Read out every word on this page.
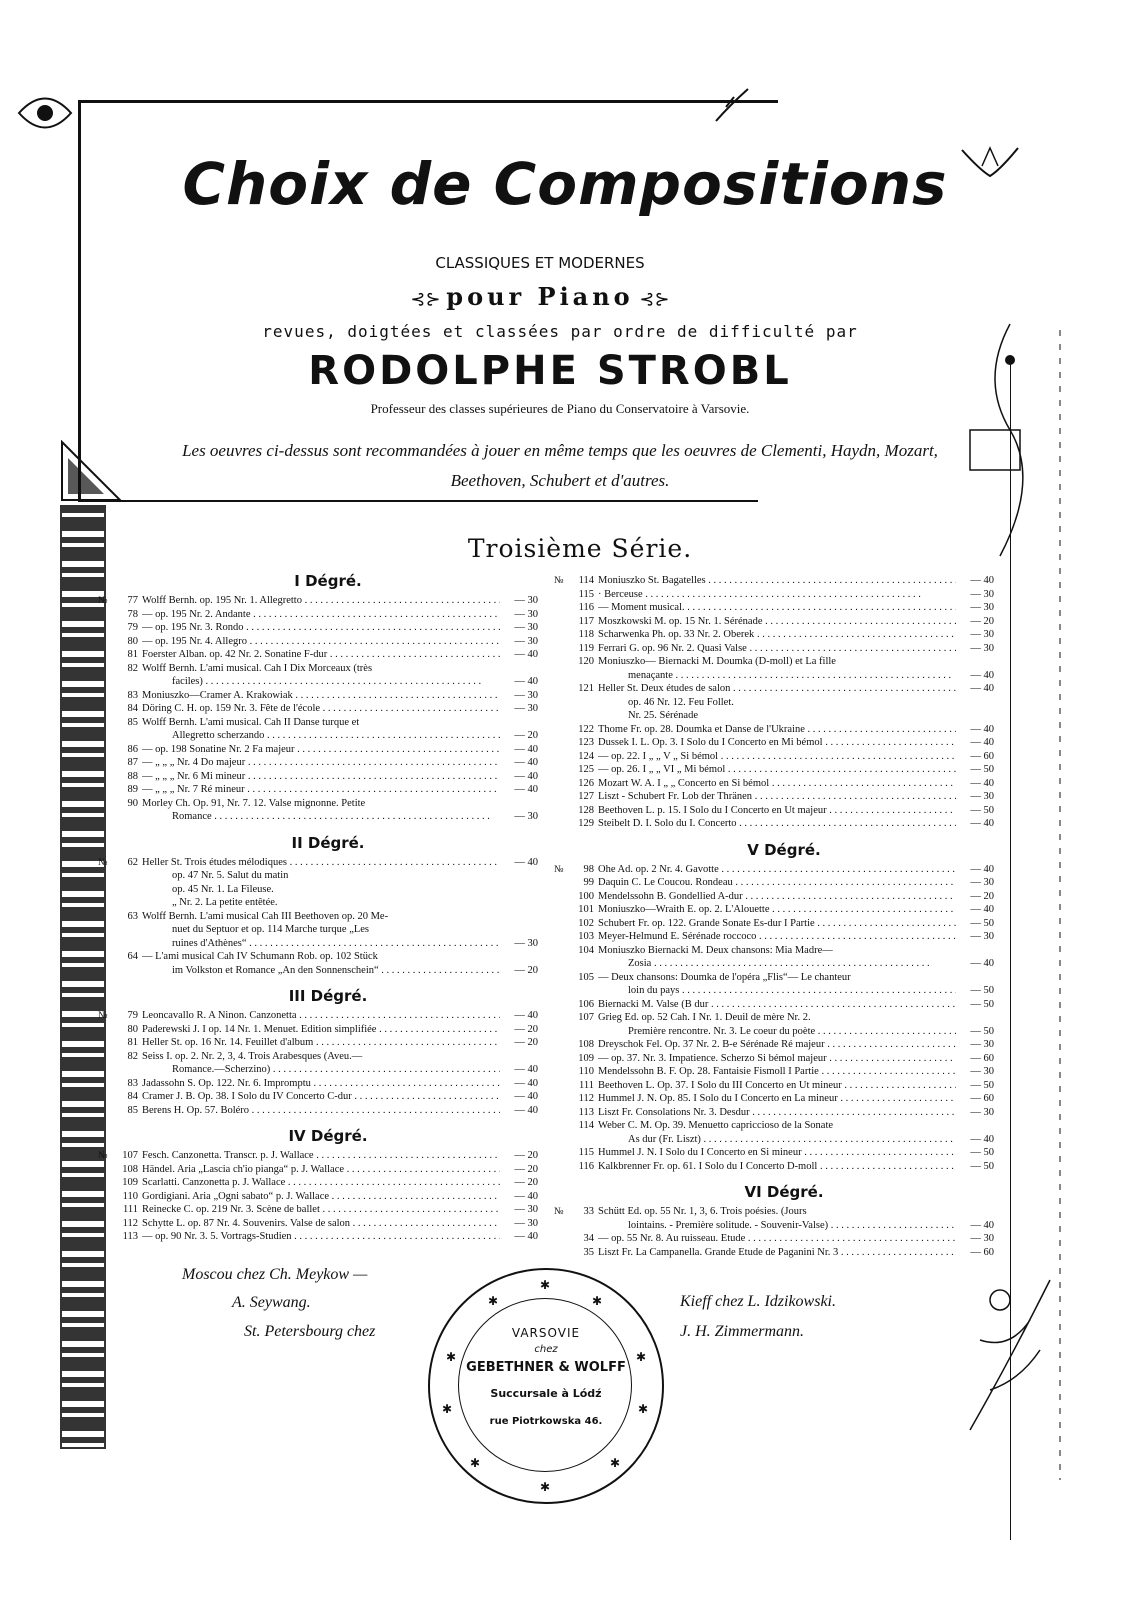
Choix de Compositions
CLASSIQUES ET MODERNES
⊰⊱ pour Piano ⊰⊱
revues, doigtées et classées par ordre de difficulté par
RODOLPHE STROBL
Professeur des classes supérieures de Piano du Conservatoire à Varsovie.
Les oeuvres ci-dessus sont recommandées à jouer en même temps que les oeuvres de Clementi, Haydn, Mozart,
Beethoven, Schubert et d'autres.
Troisième Série.
I Dégré.
77 Wolff Bernh. op. 195 Nr. 1. Allegretto . . .	— 30
№
78 — op. 195 Nr. 2. Andante . . .	— 30
79 — op. 195 Nr. 3. Rondo . . .	— 30
80 — op. 195 Nr. 4. Allegro . . .	— 30
81 Foerster Alban. op. 42 Nr. 2. Sonatine F-dur . . .	— 40
82 Wolff Bernh. L'ami musical. Cah I Dix Morceaux (très
faciles) . . .	— 40
83 Moniuszko—Cramer A. Krakowiak . . .	— 30
84 Döring C. H. op. 159 Nr. 3. Fête de l'école . . .	— 30
85 Wolff Bernh. L'ami musical. Cah II Danse turque et
Allegretto scherzando . . .	— 20
86 — op. 198 Sonatine Nr. 2 Fa majeur . . .	— 40
87 — „ „ „ Nr. 4 Do majeur . . .	— 40
88 — „ „ „ Nr. 6 Mi mineur . . .	— 40
89 — „ „ „ Nr. 7 Ré mineur . . .	— 40
90 Morley Ch. Op. 91, Nr. 7. 12. Valse mignonne. Petite
Romance . . .	— 30
II Dégré.
62 Heller St. Trois études mélodiques . . .	— 40
№
op. 47 Nr. 5. Salut du matin
op. 45 Nr. 1. La Fileuse.
„ Nr. 2. La petite entêtée.
63 Wolff Bernh. L'ami musical Cah III Beethoven op. 20 Me-
nuet du Septuor et op. 114 Marche turque „Les
ruines d'Athènes“ . . .	— 30
64 — L'ami musical Cah IV Schumann Rob. op. 102 Stück
im Volkston et Romance „An den Sonnenschein“ . . .	— 20
III Dégré.
79 Leoncavallo R. A Ninon. Canzonetta . . .	— 40
№
80 Paderewski J. I op. 14 Nr. 1. Menuet. Edition simplifiée . . .	— 20
81 Heller St. op. 16 Nr. 14. Feuillet d'album . . .	— 20
82 Seiss I. op. 2. Nr. 2, 3, 4. Trois Arabesques (Aveu.—
Romance.—Scherzino) . . .	— 40
83 Jadassohn S. Op. 122. Nr. 6. Impromptu . . .	— 40
84 Cramer J. B. Op. 38. I Solo du IV Concerto C-dur . . .	— 40
85 Berens H. Op. 57. Boléro . . .	— 40
IV Dégré.
107 Fesch. Canzonetta. Transcr. p. J. Wallace . . .	— 20
№
108 Händel. Aria „Lascia ch'io pianga“ p. J. Wallace . . .	— 20
109 Scarlatti. Canzonetta p. J. Wallace . . .	— 20
110 Gordigiani. Aria „Ogni sabato“ p. J. Wallace . . .	— 40
111 Reinecke C. op. 219 Nr. 3. Scène de ballet . . .	— 30
112 Schytte L. op. 87 Nr. 4. Souvenirs. Valse de salon . . .	— 30
113 — op. 90 Nr. 3. 5. Vortrags-Studien . . .	— 40
114 Moniuszko St. Bagatelles . . .	— 40
№
115 · Berceuse . . .	— 30
116 — Moment musical. . . .	— 30
117 Moszkowski M. op. 15 Nr. 1. Sérénade . . .	— 20
118 Scharwenka Ph. op. 33 Nr. 2. Oberek . . .	— 30
119 Ferrari G. op. 96 Nr. 2. Quasi Valse . . .	— 30
120 Moniuszko— Biernacki M. Doumka (D-moll) et La fille
menaçante . . .	— 40
121 Heller St. Deux études de salon . . .	— 40
op. 46 Nr. 12. Feu Follet.
Nr. 25. Sérénade
122 Thome Fr. op. 28. Doumka et Danse de l'Ukraine . . .	— 40
123 Dussek I. L. Op. 3. I Solo du I Concerto en Mi bémol . . .	— 40
124 — op. 22. I „ „ V „ Si bémol . . .	— 60
125 — op. 26. I „ „ VI „ Mi bémol . . .	— 50
126 Mozart W. A. I „ „ Concerto en Si bémol . . .	— 40
127 Liszt - Schubert Fr. Lob der Thränen . . .	— 30
128 Beethoven L. p. 15. I Solo du I Concerto en Ut majeur . . .	— 50
129 Steibelt D. I. Solo du I. Concerto . . .	— 40
V Dégré.
98 Ohe Ad. op. 2 Nr. 4. Gavotte . . .	— 40
№
99 Daquin C. Le Coucou. Rondeau . . .	— 30
100 Mendelssohn B. Gondellied A-dur . . .	— 20
101 Moniuszko—Wraith E. op. 2. L'Alouette . . .	— 40
102 Schubert Fr. op. 122. Grande Sonate Es-dur I Partie . . .	— 50
103 Meyer-Helmund E. Sérénade roccoco . . .	— 30
104 Moniuszko Biernacki M. Deux chansons: Mia Madre—
Zosia . . .	— 40
105 — Deux chansons: Doumka de l'opéra „Flis“— Le chanteur
loin du pays . . .	— 50
106 Biernacki M. Valse (B dur . . .	— 50
107 Grieg Ed. op. 52 Cah. I Nr. 1. Deuil de mère Nr. 2.
Première rencontre. Nr. 3. Le coeur du poète . . .	— 50
108 Dreyschok Fel. Op. 37 Nr. 2. B-e Sérénade Ré majeur . . .	— 30
109 — op. 37. Nr. 3. Impatience. Scherzo Si bémol majeur . . .	— 60
110 Mendelssohn B. F. Op. 28. Fantaisie Fismoll I Partie . . .	— 30
111 Beethoven L. Op. 37. I Solo du III Concerto en Ut mineur . . .	— 50
112 Hummel J. N. Op. 85. I Solo du I Concerto en La mineur . . .	— 60
113 Liszt Fr. Consolations Nr. 3. Desdur . . .	— 30
114 Weber C. M. Op. 39. Menuetto capriccioso de la Sonate
As dur (Fr. Liszt) . . .	— 40
115 Hummel J. N. I Solo du I Concerto en Si mineur . . .	— 50
116 Kalkbrenner Fr. op. 61. I Solo du I Concerto D-moll . . .	— 50
VI Dégré.
33 Schütt Ed. op. 55 Nr. 1, 3, 6. Trois poésies. (Jours
№
lointains. - Première solitude. - Souvenir-Valse) . . .	— 40
34 — op. 55 Nr. 8. Au ruisseau. Etude . . .	— 30
35 Liszt Fr. La Campanella. Grande Etude de Paganini Nr. 3 . . .	— 60
Moscou chez Ch. Meykow —
A. Seywang.
St. Petersbourg chez
Kieff chez L. Idzikowski.
J. H. Zimmermann.
VARSOVIE
chez
GEBETHNER & WOLFF
Succursale à Lódź
rue Piotrkowska 46.
✱
✱	✱
✱	✱
✱	✱
✱	✱
✱
